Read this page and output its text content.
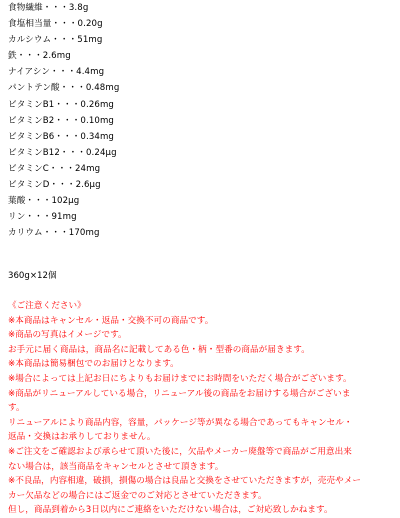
食物繊維・・・3.8g
食塩相当量・・・0.20g
カルシウム・・・51mg
鉄・・・2.6mg
ナイアシン・・・4.4mg
パントテン酸・・・0.48mg
ビタミンB1・・・0.26mg
ビタミンB2・・・0.10mg
ビタミンB6・・・0.34mg
ビタミンB12・・・0.24μg
ビタミンC・・・24mg
ビタミンD・・・2.6μg
葉酸・・・102μg
リン・・・91mg
カリウム・・・170mg
360g×12個
《ご注意ください》
※本商品はキャンセル・返品・交換不可の商品です。
※商品の写真はイメージです。
お手元に届く商品は，商品名に記載してある色・柄・型番の商品が届きます。
※本商品は簡易梱包でのお届けとなります。
※場合によっては上記お日にちよりもお届けまでにお時間をいただく場合がございます。
※商品がリニューアルしている場合，リニューアル後の商品をお届けする場合がございま
す。
リニューアルにより商品内容，容量，パッケージ等が異なる場合であってもキャンセル・
返品・交換はお承りしておりません。
※ご注文をご確認および承らせて頂いた後に，欠品やメーカー廃盤等で商品がご用意出来
ない場合は，該当商品をキャンセルとさせて頂きます。
※不良品，内容相違，破損，損傷の場合は良品と交換をさせていただきますが，売売やメー
カー欠品などの場合にはご返金でのご対応とさせていただきます。
但し，商品到着から3日以内にご連絡をいただけない場合は，ご対応致しかねます。
